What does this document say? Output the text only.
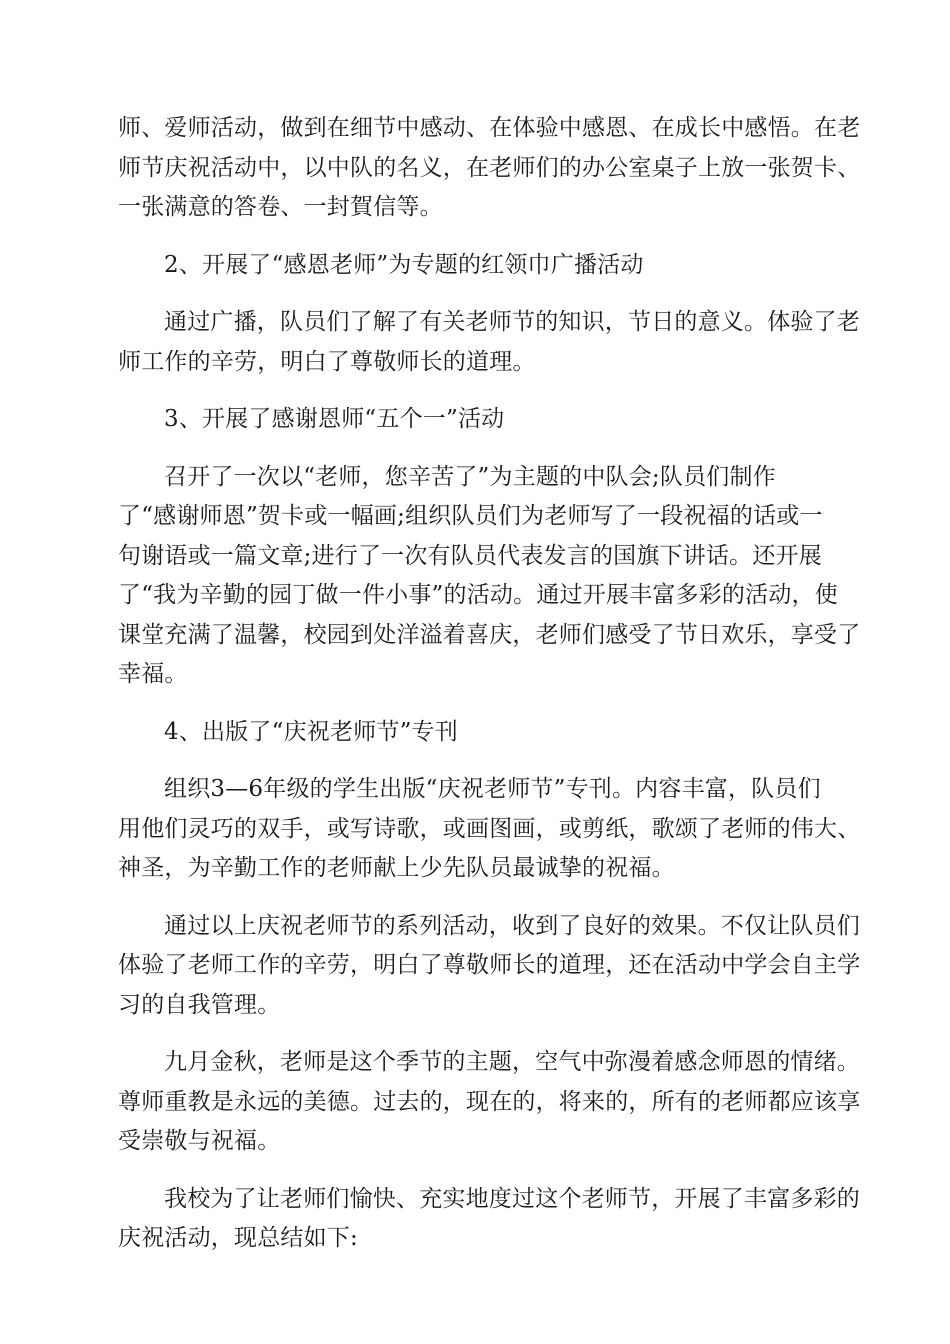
师、爱师活动，做到在细节中感动、在体验中感恩、在成长中感悟。在老
师节庆祝活动中，以中队的名义，在老师们的办公室桌子上放一张贺卡、
一张满意的答卷、一封賀信等。

2、开展了“感恩老师”为专题的红领巾广播活动

通过广播，队员们了解了有关老师节的知识，节日的意义。体验了老
师工作的辛劳，明白了尊敬师长的道理。

3、开展了感谢恩师“五个一”活动

召开了一次以“老师，您辛苦了”为主题的中队会;队员们制作
了“感谢师恩”贺卡或一幅画;组织队员们为老师写了一段祝福的话或一
句谢语或一篇文章;进行了一次有队员代表发言的国旗下讲话。还开展
了“我为辛勤的园丁做一件小事”的活动。通过开展丰富多彩的活动，使
课堂充满了温馨，校园到处洋溢着喜庆，老师们感受了节日欢乐，享受了
幸福。

4、出版了“庆祝老师节”专刊

组织3—6年级的学生出版“庆祝老师节”专刊。内容丰富，队员们
用他们灵巧的双手，或写诗歌，或画图画，或剪纸，歌颂了老师的伟大、
神圣，为辛勤工作的老师献上少先队员最诚挚的祝福。

通过以上庆祝老师节的系列活动，收到了良好的效果。不仅让队员们
体验了老师工作的辛劳，明白了尊敬师长的道理，还在活动中学会自主学
习的自我管理。

九月金秋，老师是这个季节的主题，空气中弥漫着感念师恩的情绪。
尊师重教是永远的美德。过去的，现在的，将来的，所有的老师都应该享
受崇敬与祝福。

我校为了让老师们愉快、充实地度过这个老师节，开展了丰富多彩的
庆祝活动，现总结如下:
